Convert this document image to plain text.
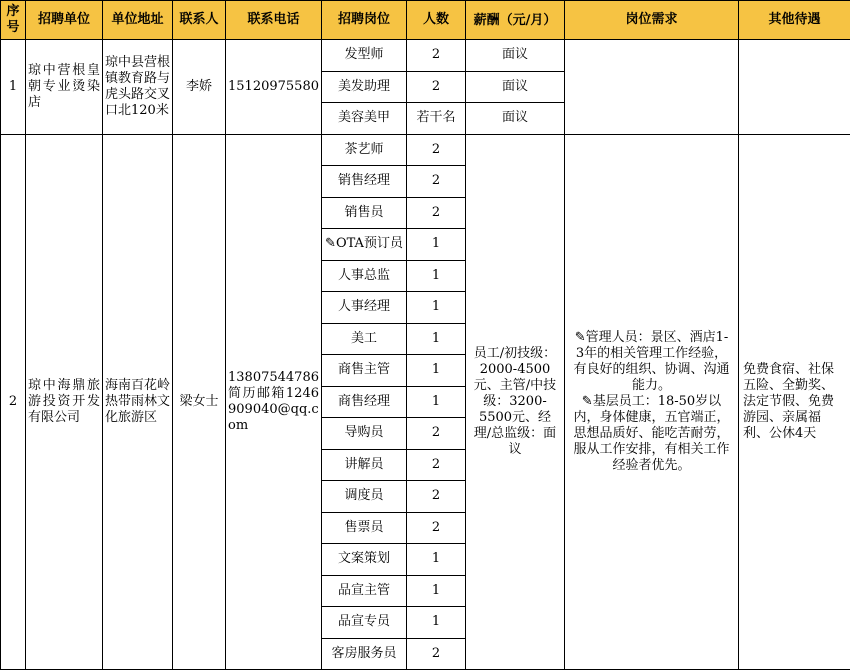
序号	招聘单位	单位地址	联系人	联系电话	招聘岗位	人数	薪酬（元/月）	岗位需求	其他待遇
1	琼中营根皇朝专业烫染店	琼中县营根镇教育路与虎头路交叉口北120米	李娇	15120975580	发型师	2	面议		
					美发助理	2	面议		
					美容美甲	若干名	面议		
2	琼中海鼎旅游投资开发有限公司	海南百花岭热带雨林文化旅游区	梁女士	13807544786简历邮箱1246909040@qq.com	茶艺师	2	员工/初技级：2000-4500元、主管/中技级：3200-5500元、经理/总监级：面议	✎管理人员：景区、酒店1-3年的相关管理工作经验，有良好的组织、协调、沟通能力。
✎基层员工：18-50岁以内，身体健康，五官端正，思想品质好、能吃苦耐劳，服从工作安排，有相关工作经验者优先。	免费食宿、社保五险、全勤奖、法定节假、免费游园、亲属福利、公休4天
					销售经理	2			
					销售员	2			
					✎OTA预订员	1			
					人事总监	1			
					人事经理	1			
					美工	1			
					商售主管	1			
					商售经理	1			
					导购员	2			
					讲解员	2			
					调度员	2			
					售票员	2			
					文案策划	1			
					品宣主管	1			
					品宣专员	1			
					客房服务员	2			
